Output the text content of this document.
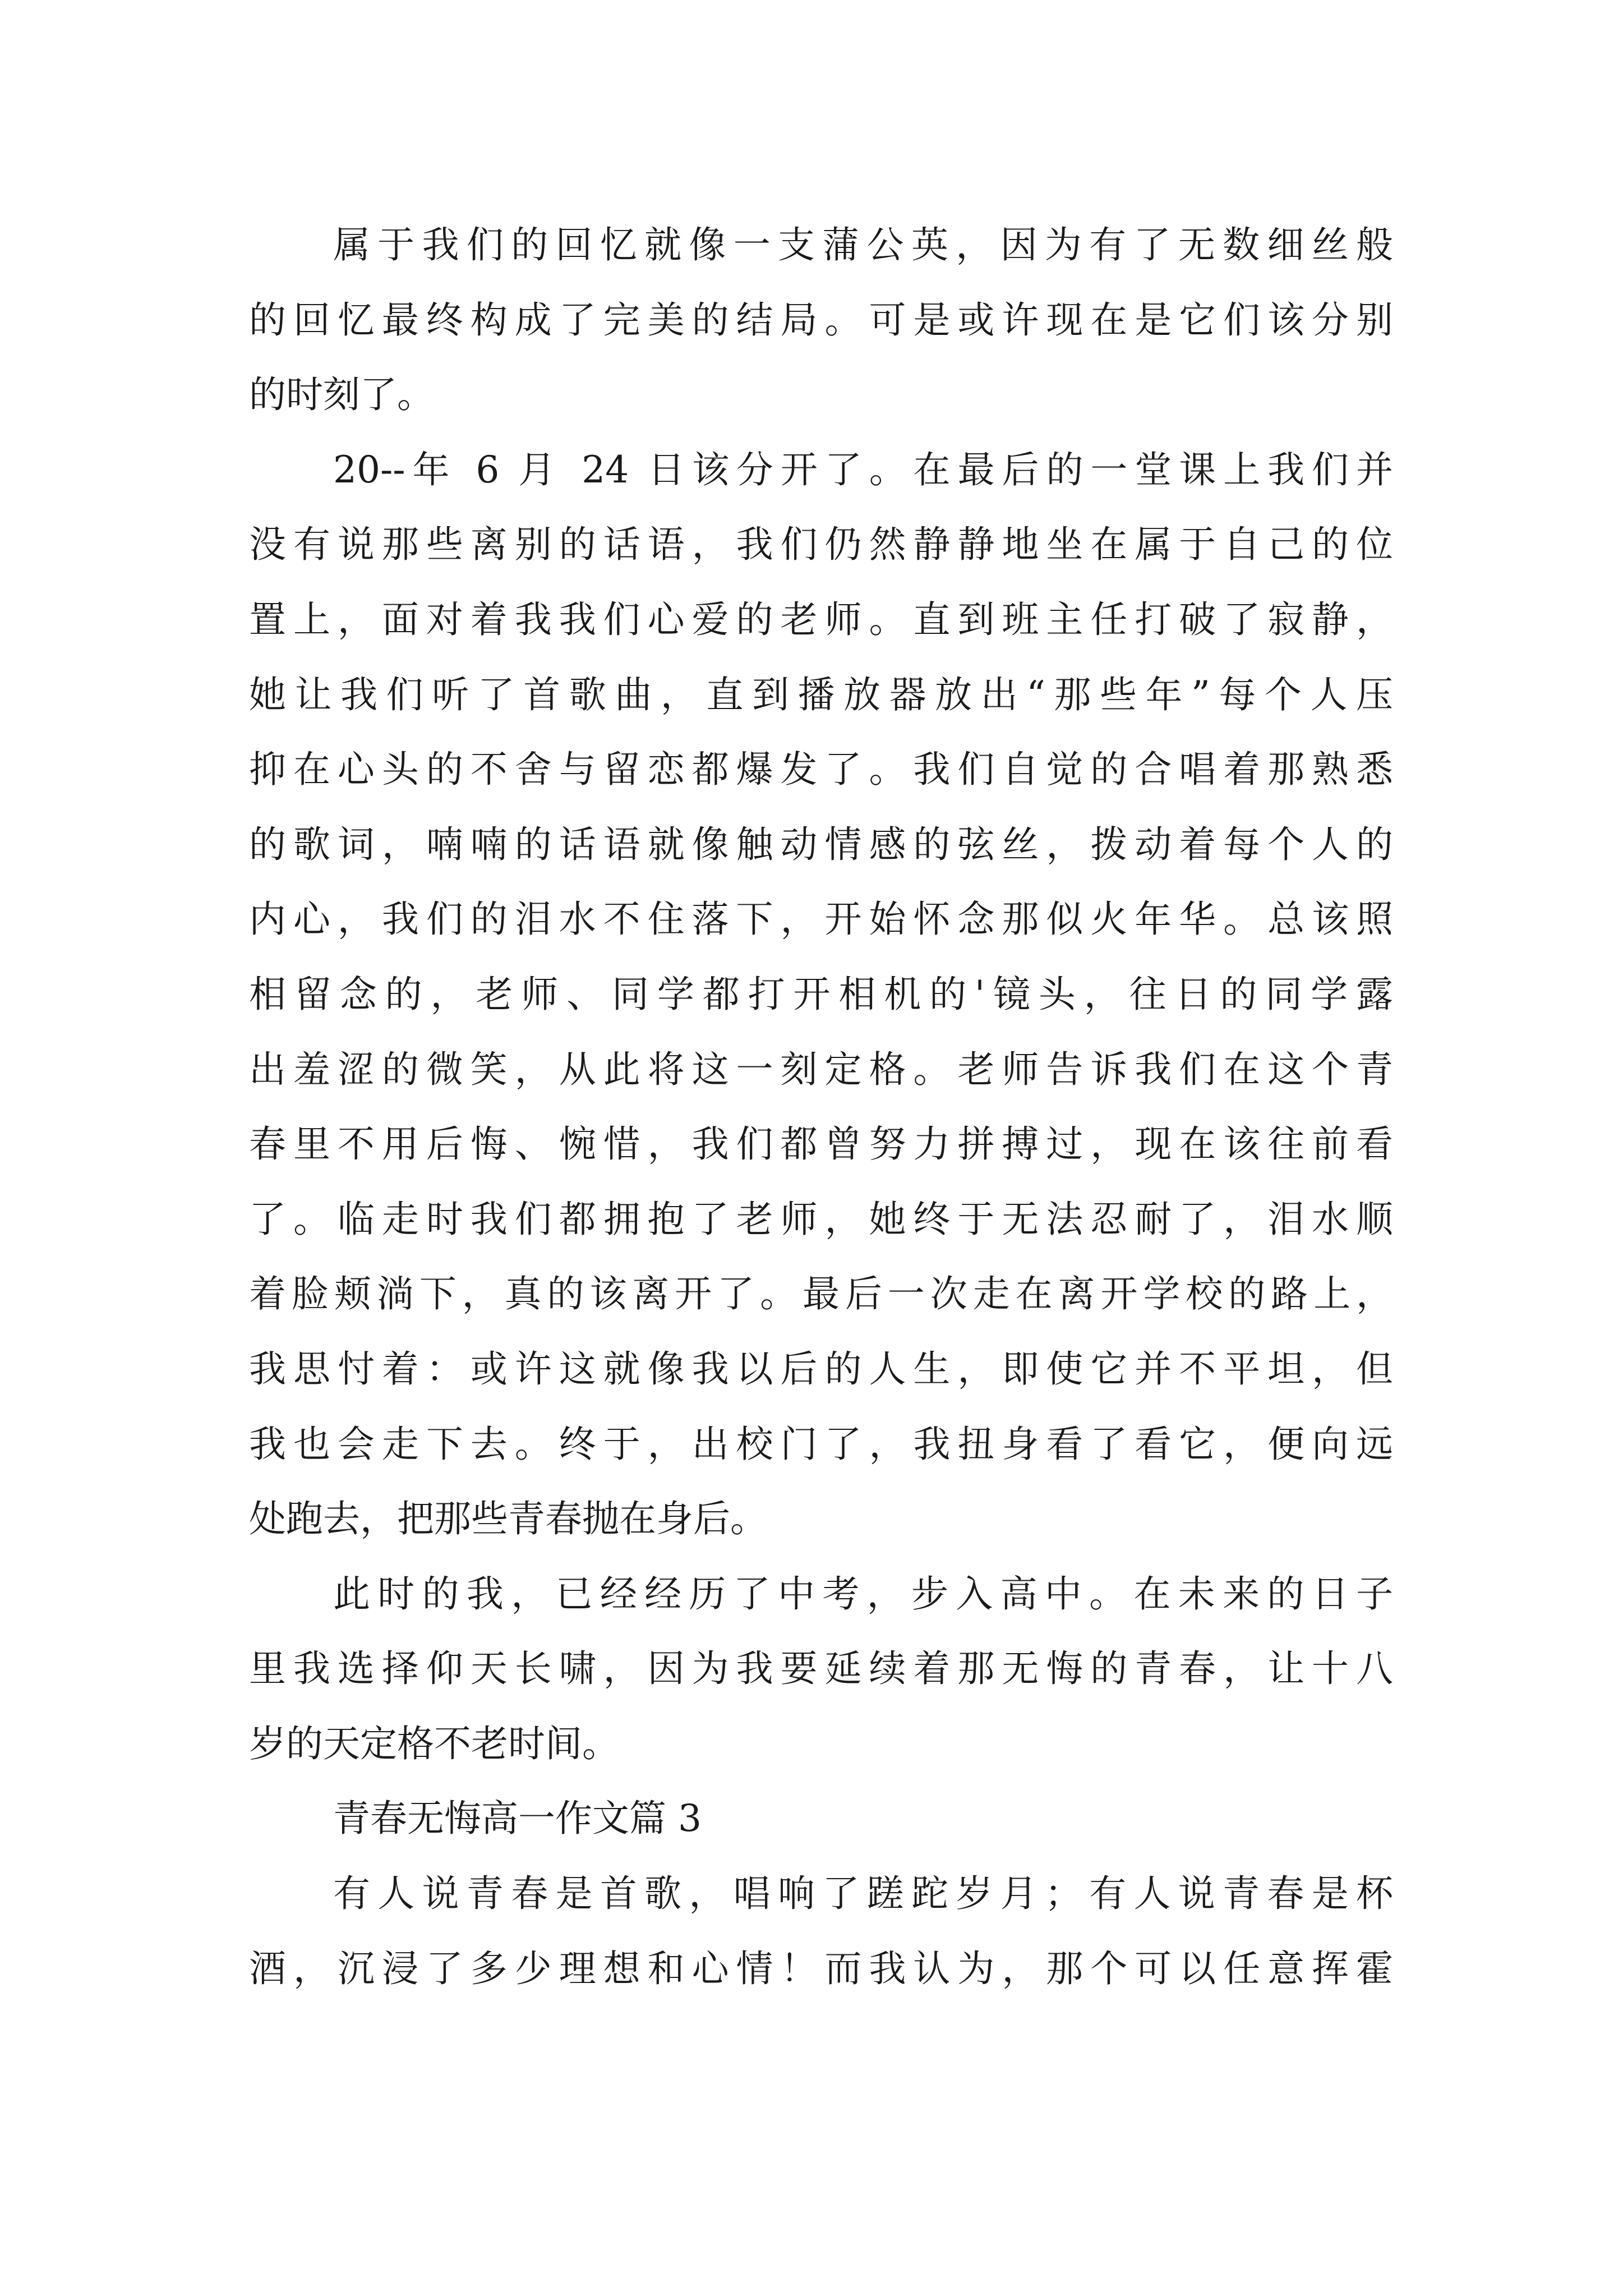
属于我们的回忆就像一支蒲公英，因为有了无数细丝般
的回忆最终构成了完美的结局。可是或许现在是它们该分别
的时刻了。
20--年 6 月 24 日该分开了。在最后的一堂课上我们并
没有说那些离别的话语，我们仍然静静地坐在属于自己的位
置上，面对着我我们心爱的老师。直到班主任打破了寂静，
她让我们听了首歌曲，直到播放器放出“那些年”每个人压
抑在心头的不舍与留恋都爆发了。我们自觉的合唱着那熟悉
的歌词，喃喃的话语就像触动情感的弦丝，拨动着每个人的
内心，我们的泪水不住落下，开始怀念那似火年华。总该照
相留念的，老师、同学都打开相机的'镜头，往日的同学露
出羞涩的微笑，从此将这一刻定格。老师告诉我们在这个青
春里不用后悔、惋惜，我们都曾努力拼搏过，现在该往前看
了。临走时我们都拥抱了老师，她终于无法忍耐了，泪水顺
着脸颊淌下，真的该离开了。最后一次走在离开学校的路上，
我思忖着：或许这就像我以后的人生，即使它并不平坦，但
我也会走下去。终于，出校门了，我扭身看了看它，便向远
处跑去，把那些青春抛在身后。
此时的我，已经经历了中考，步入高中。在未来的日子
里我选择仰天长啸，因为我要延续着那无悔的青春，让十八
岁的天定格不老时间。
青春无悔高一作文篇 3
有人说青春是首歌，唱响了蹉跎岁月；有人说青春是杯
酒，沉浸了多少理想和心情！而我认为，那个可以任意挥霍
